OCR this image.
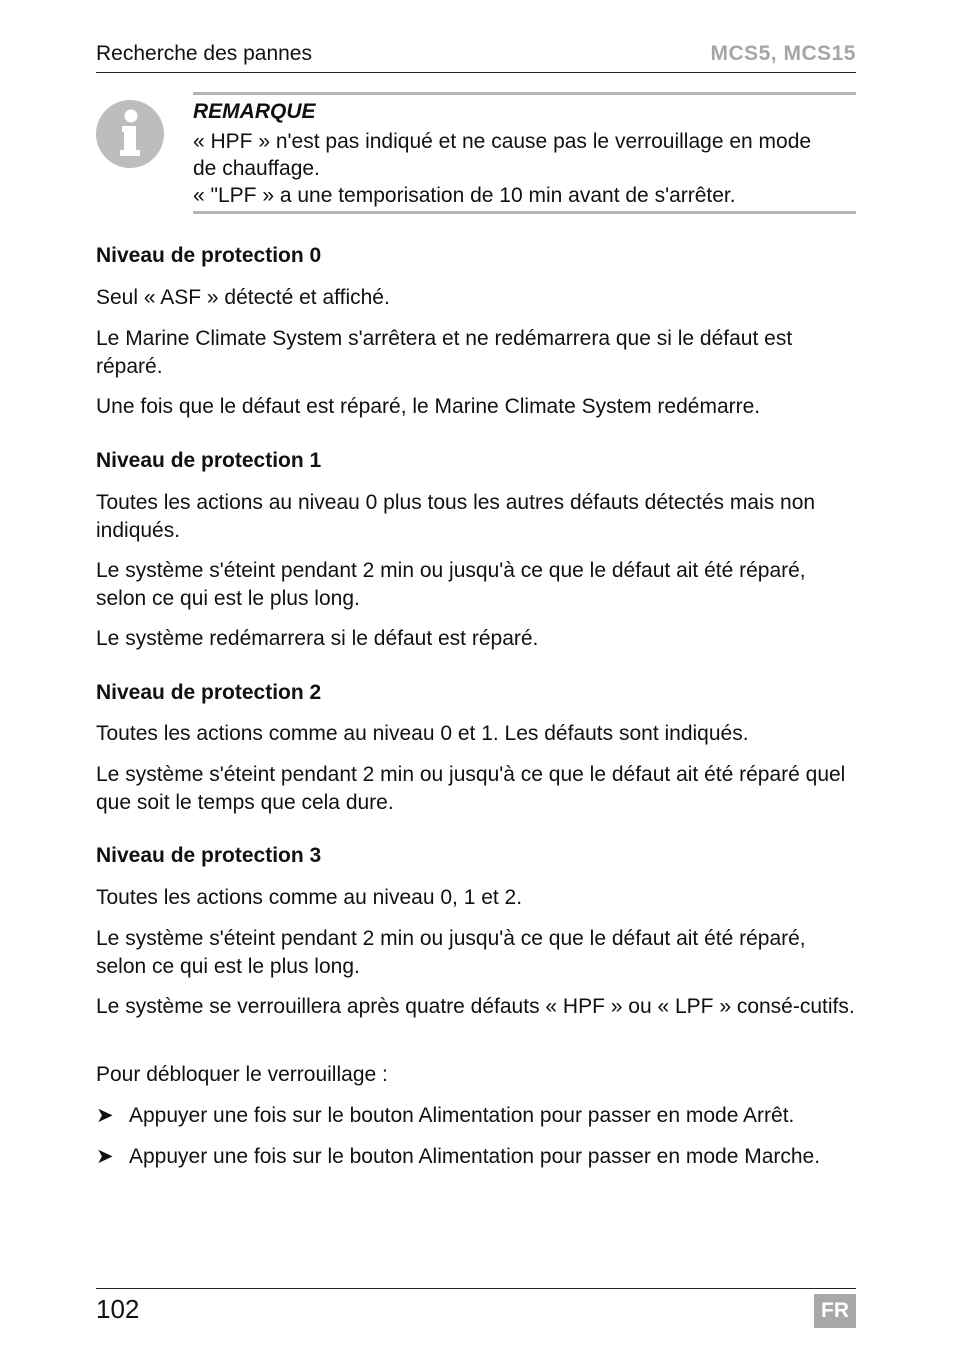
Recherche des pannes	MCS5, MCS15
REMARQUE
« HPF » n'est pas indiqué et ne cause pas le verrouillage en mode
de chauffage.
« "LPF » a une temporisation de 10 min avant de s'arrêter.
Niveau de protection 0
Seul « ASF » détecté et affiché.
Le Marine Climate System s'arrêtera et ne redémarrera que si le défaut est réparé.
Une fois que le défaut est réparé, le Marine Climate System redémarre.
Niveau de protection 1
Toutes les actions au niveau 0 plus tous les autres défauts détectés mais non indiqués.
Le système s'éteint pendant 2 min ou jusqu'à ce que le défaut ait été réparé, selon ce qui est le plus long.
Le système redémarrera si le défaut est réparé.
Niveau de protection 2
Toutes les actions comme au niveau 0 et 1. Les défauts sont indiqués.
Le système s'éteint pendant 2 min ou jusqu'à ce que le défaut ait été réparé quel que soit le temps que cela dure.
Niveau de protection 3
Toutes les actions comme au niveau 0, 1 et 2.
Le système s'éteint pendant 2 min ou jusqu'à ce que le défaut ait été réparé, selon ce qui est le plus long.
Le système se verrouillera après quatre défauts « HPF » ou « LPF » consé-cutifs.
Pour débloquer le verrouillage :
➤ Appuyer une fois sur le bouton Alimentation pour passer en mode Arrêt.
➤ Appuyer une fois sur le bouton Alimentation pour passer en mode Marche.
102	FR
